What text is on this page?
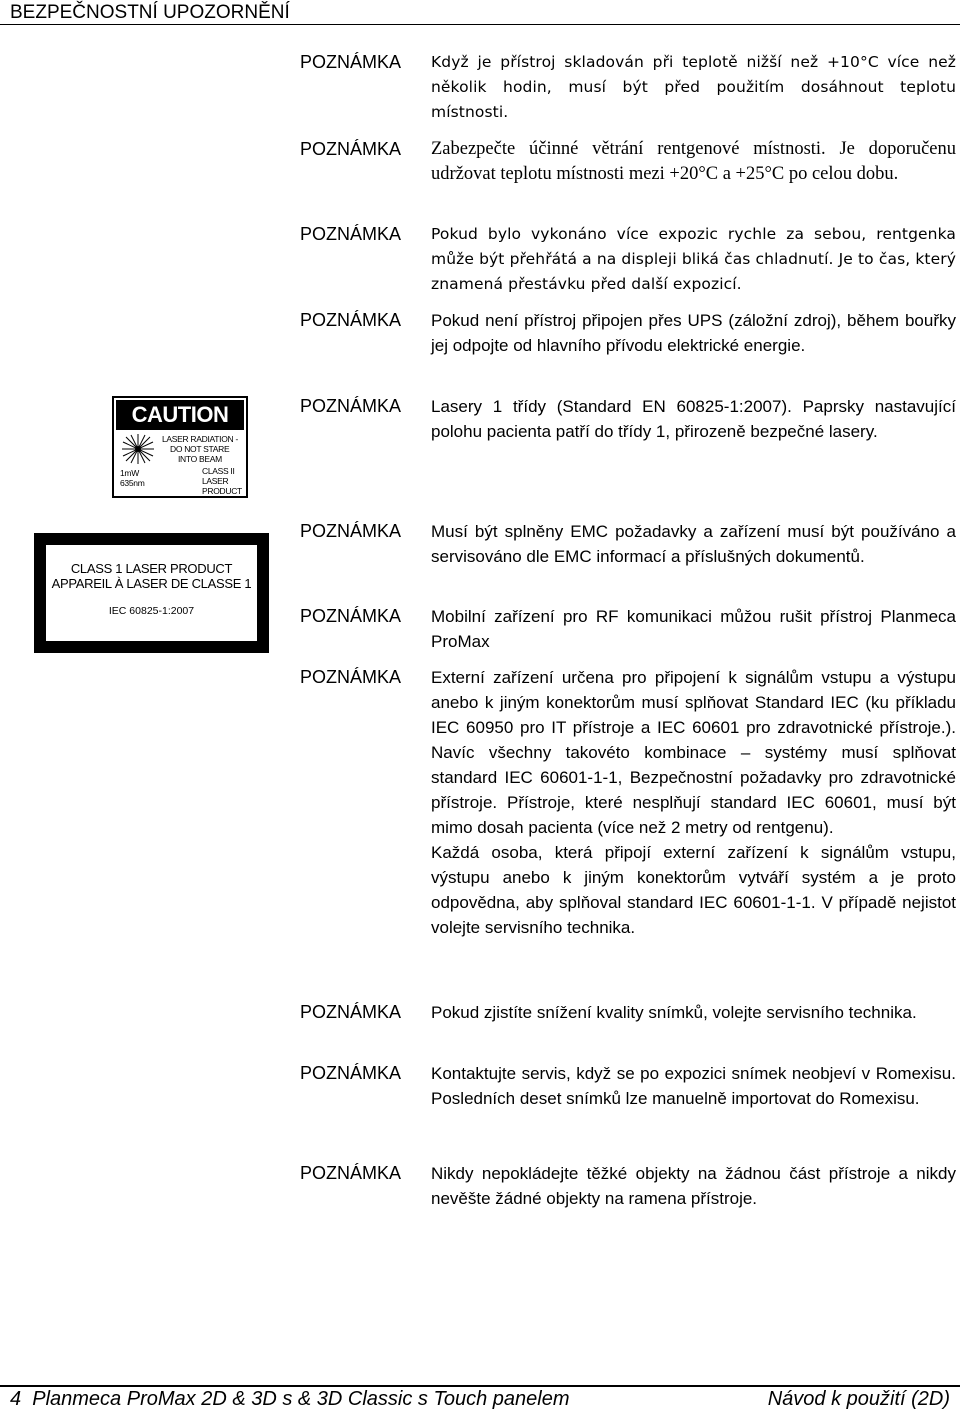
BEZPEČNOSTNÍ UPOZORNĚNÍ
POZNÁMKA Když je přístroj skladován při teplotě nižší než +10°C více než několik hodin, musí být před použitím dosáhnout teplotu místnosti.
POZNÁMKA Zabezpečte účinné větrání rentgenové místnosti. Je doporučenu udržovat teplotu místnosti mezi +20°C a +25°C po celou dobu.
POZNÁMKA Pokud bylo vykonáno více expozic rychle za sebou, rentgenka může být přehřátá a na displeji bliká čas chladnutí. Je to čas, který znamená přestávku před další expozicí.
POZNÁMKA Pokud není přístroj připojen přes UPS (záložní zdroj), během bouřky jej odpojte od hlavního přívodu elektrické energie.
CAUTION
LASER RADIATION -
DO NOT STARE
INTO BEAM
1mW
635nm
CLASS II
LASER
PRODUCT
POZNÁMKA Lasery 1 třídy (Standard EN 60825-1:2007). Paprsky nastavující polohu pacienta patří do třídy 1, přirozeně bezpečné lasery.
CLASS 1 LASER PRODUCT
APPAREIL À LASER DE CLASSE 1
IEC 60825-1:2007
POZNÁMKA Musí být splněny EMC požadavky a zařízení musí být používáno a servisováno dle EMC informací a příslušných dokumentů.
POZNÁMKA Mobilní zařízení pro RF komunikaci můžou rušit přístroj Planmeca ProMax
POZNÁMKA Externí zařízení určena pro připojení k signálům vstupu a výstupu anebo k jiným konektorům musí splňovat Standard IEC (ku příkladu IEC 60950 pro IT přístroje a IEC 60601 pro zdravotnické přístroje.). Navíc všechny takovéto kombinace – systémy musí splňovat standard IEC 60601-1-1, Bezpečnostní požadavky pro zdravotnické přístroje. Přístroje, které nesplňují standard IEC 60601, musí být mimo dosah pacienta (více než 2 metry od rentgenu).
Každá osoba, která připojí externí zařízení k signálům vstupu, výstupu anebo k jiným konektorům vytváří systém a je proto odpovědna, aby splňoval standard IEC 60601-1-1. V případě nejistot volejte servisního technika.
POZNÁMKA Pokud zjistíte snížení kvality snímků, volejte servisního technika.
POZNÁMKA Kontaktujte servis, když se po expozici snímek neobjeví v Romexisu. Posledních deset snímků lze manuelně importovat do Romexisu.
POZNÁMKA Nikdy nepokládejte těžké objekty na žádnou část přístroje a nikdy nevěšte žádné objekty na ramena přístroje.
4  Planmeca ProMax 2D & 3D s & 3D Classic s Touch panelem	Návod k použití (2D)
